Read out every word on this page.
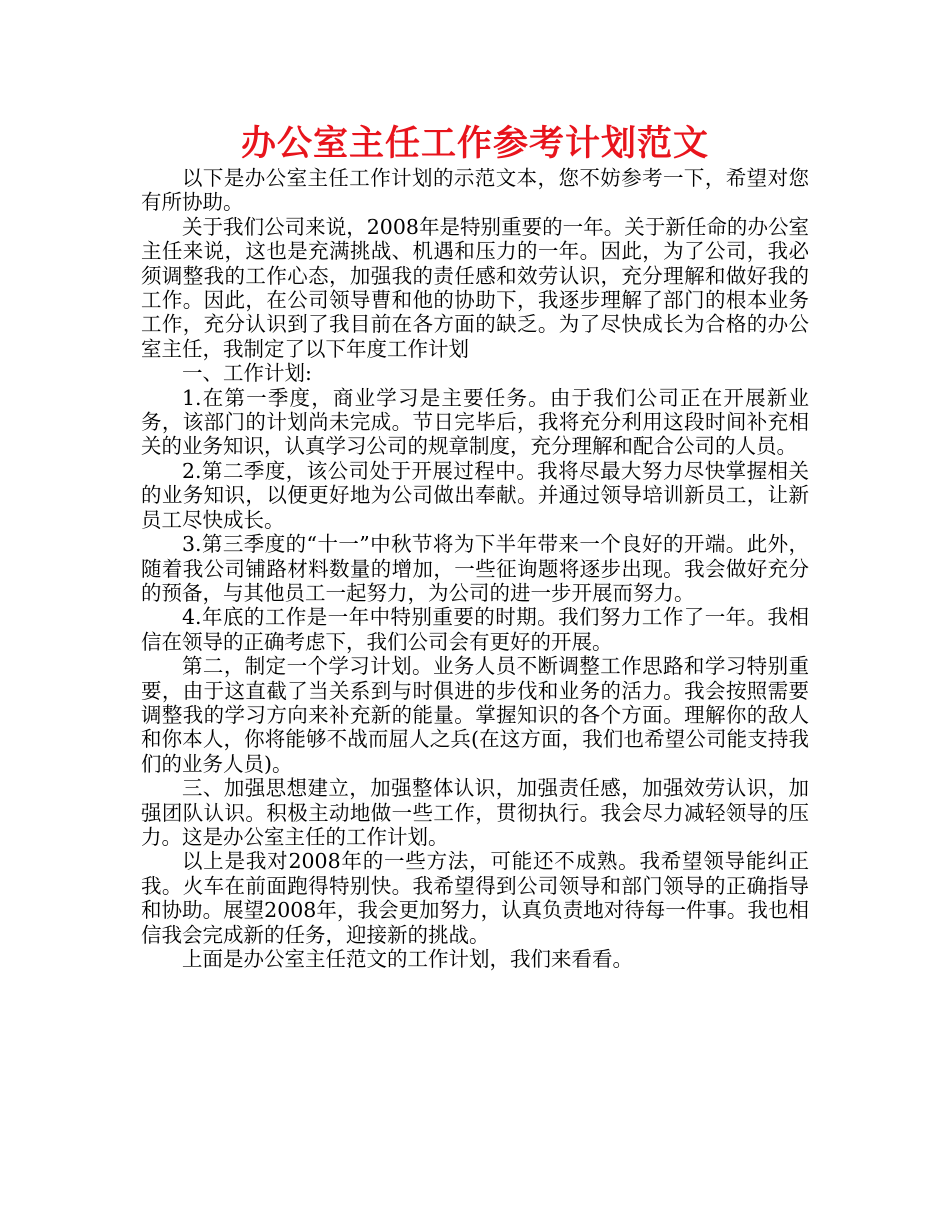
办公室主任工作参考计划范文

以下是办公室主任工作计划的示范文本，您不妨参考一下，希望对您有所协助。

关于我们公司来说，2008年是特别重要的一年。关于新任命的办公室主任来说，这也是充满挑战、机遇和压力的一年。因此，为了公司，我必须调整我的工作心态，加强我的责任感和效劳认识，充分理解和做好我的工作。因此，在公司领导曹和他的协助下，我逐步理解了部门的根本业务工作，充分认识到了我目前在各方面的缺乏。为了尽快成长为合格的办公室主任，我制定了以下年度工作计划

一、工作计划:

1.在第一季度，商业学习是主要任务。由于我们公司正在开展新业务，该部门的计划尚未完成。节日完毕后，我将充分利用这段时间补充相关的业务知识，认真学习公司的规章制度，充分理解和配合公司的人员。

2.第二季度，该公司处于开展过程中。我将尽最大努力尽快掌握相关的业务知识，以便更好地为公司做出奉献。并通过领导培训新员工，让新员工尽快成长。

3.第三季度的“十一”中秋节将为下半年带来一个良好的开端。此外，随着我公司铺路材料数量的增加，一些征询题将逐步出现。我会做好充分的预备，与其他员工一起努力，为公司的进一步开展而努力。

4.年底的工作是一年中特别重要的时期。我们努力工作了一年。我相信在领导的正确考虑下，我们公司会有更好的开展。

第二，制定一个学习计划。业务人员不断调整工作思路和学习特别重要，由于这直截了当关系到与时俱进的步伐和业务的活力。我会按照需要调整我的学习方向来补充新的能量。掌握知识的各个方面。理解你的敌人和你本人，你将能够不战而屈人之兵(在这方面，我们也希望公司能支持我们的业务人员)。

三、加强思想建立，加强整体认识，加强责任感，加强效劳认识，加强团队认识。积极主动地做一些工作，贯彻执行。我会尽力减轻领导的压力。这是办公室主任的工作计划。

以上是我对2008年的一些方法，可能还不成熟。我希望领导能纠正我。火车在前面跑得特别快。我希望得到公司领导和部门领导的正确指导和协助。展望2008年，我会更加努力，认真负责地对待每一件事。我也相信我会完成新的任务，迎接新的挑战。

上面是办公室主任范文的工作计划，我们来看看。
